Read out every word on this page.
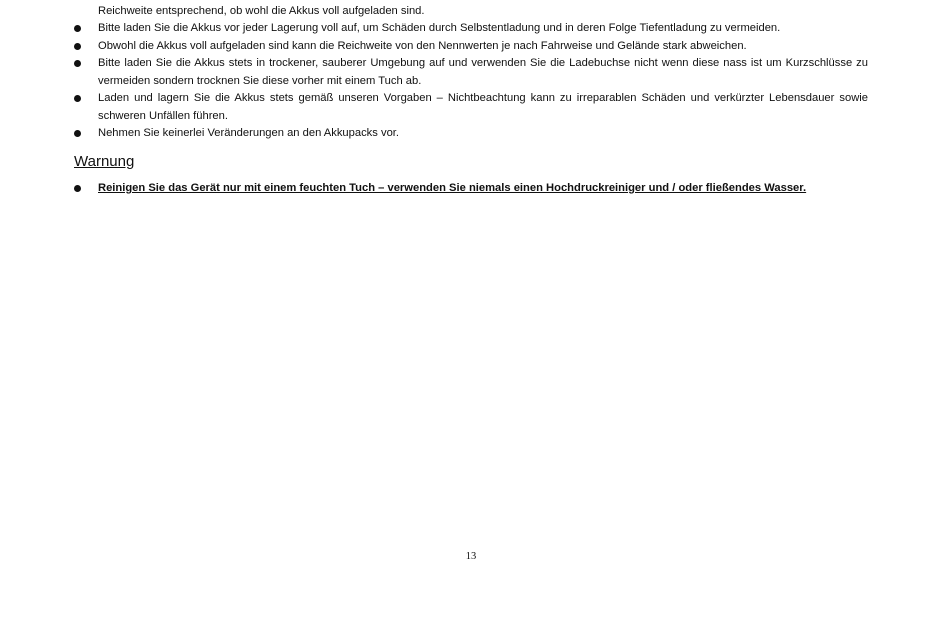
Reichweite entsprechend, ob wohl die Akkus voll aufgeladen sind.

Bitte laden Sie die Akkus vor jeder Lagerung voll auf, um Schäden durch Selbstentladung und in deren Folge Tiefentladung zu vermeiden.
Obwohl die Akkus voll aufgeladen sind kann die Reichweite von den Nennwerten je nach Fahrweise und Gelände stark abweichen.
Bitte laden Sie die Akkus stets in trockener, sauberer Umgebung auf und verwenden Sie die Ladebuchse nicht wenn diese nass ist um Kurzschlüsse zu vermeiden sondern trocknen Sie diese vorher mit einem Tuch ab.
Laden und lagern Sie die Akkus stets gemäß unseren Vorgaben – Nichtbeachtung kann zu irreparablen Schäden und verkürzter Lebensdauer sowie schweren Unfällen führen.
Nehmen Sie keinerlei Veränderungen an den Akkupacks vor.
Warnung
Reinigen Sie das Gerät nur mit einem feuchten Tuch – verwenden Sie niemals einen Hochdruckreiniger und / oder fließendes Wasser.
13
